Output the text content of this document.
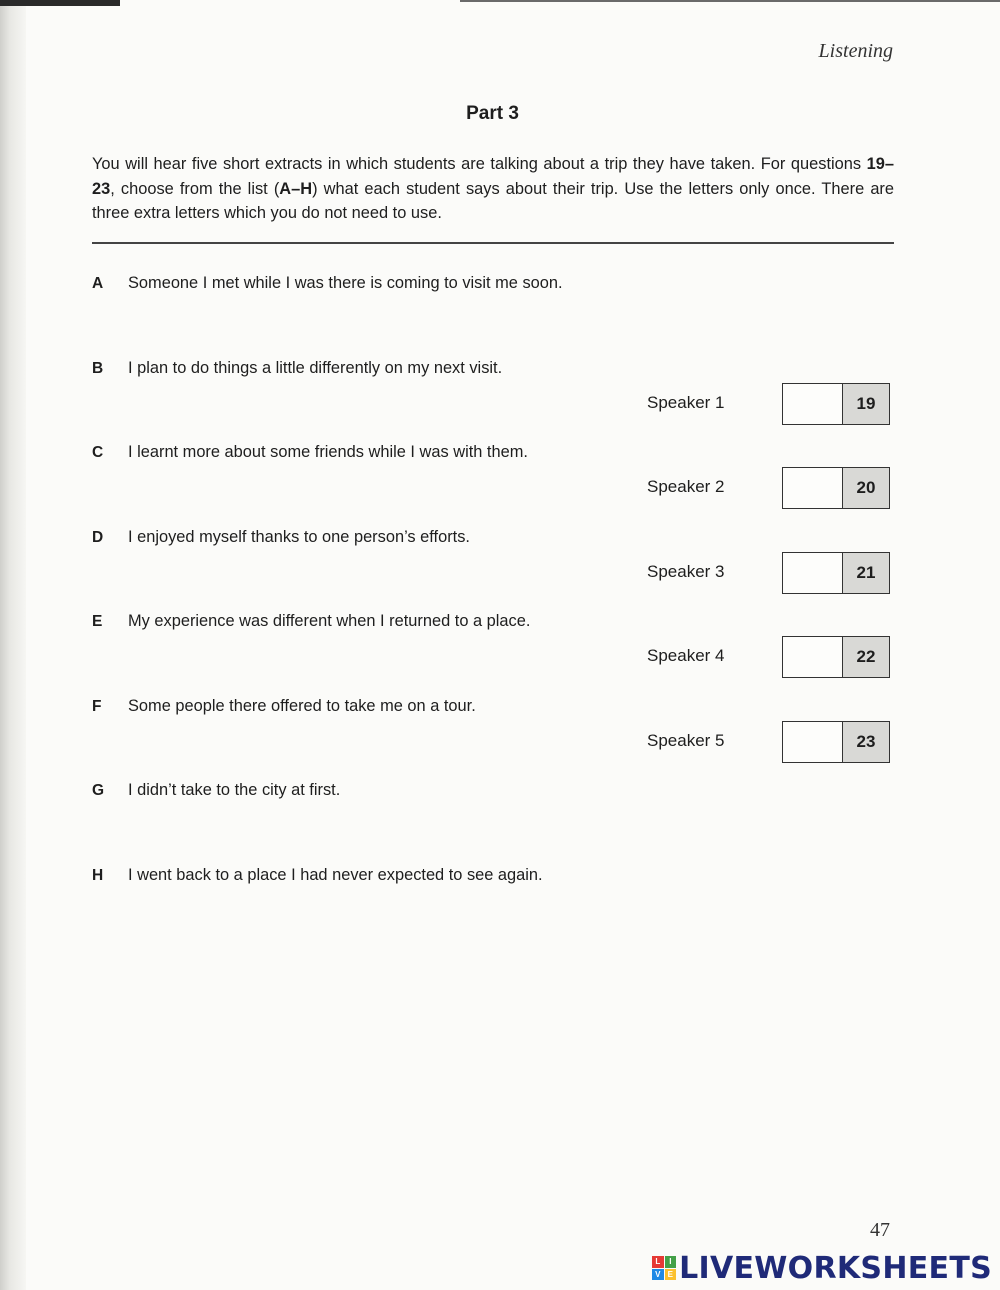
Listening
Part 3
You will hear five short extracts in which students are talking about a trip they have taken. For questions 19–23, choose from the list (A–H) what each student says about their trip. Use the letters only once. There are three extra letters which you do not need to use.
A Someone I met while I was there is coming to visit me soon.
B I plan to do things a little differently on my next visit.
C I learnt more about some friends while I was with them.
D I enjoyed myself thanks to one person’s efforts.
E My experience was different when I returned to a place.
F Some people there offered to take me on a tour.
G I didn’t take to the city at first.
H I went back to a place I had never expected to see again.
Speaker 1	19
Speaker 2	20
Speaker 3	21
Speaker 4	22
Speaker 5	23
47
L	I
V E LIVEWORKSHEETS
